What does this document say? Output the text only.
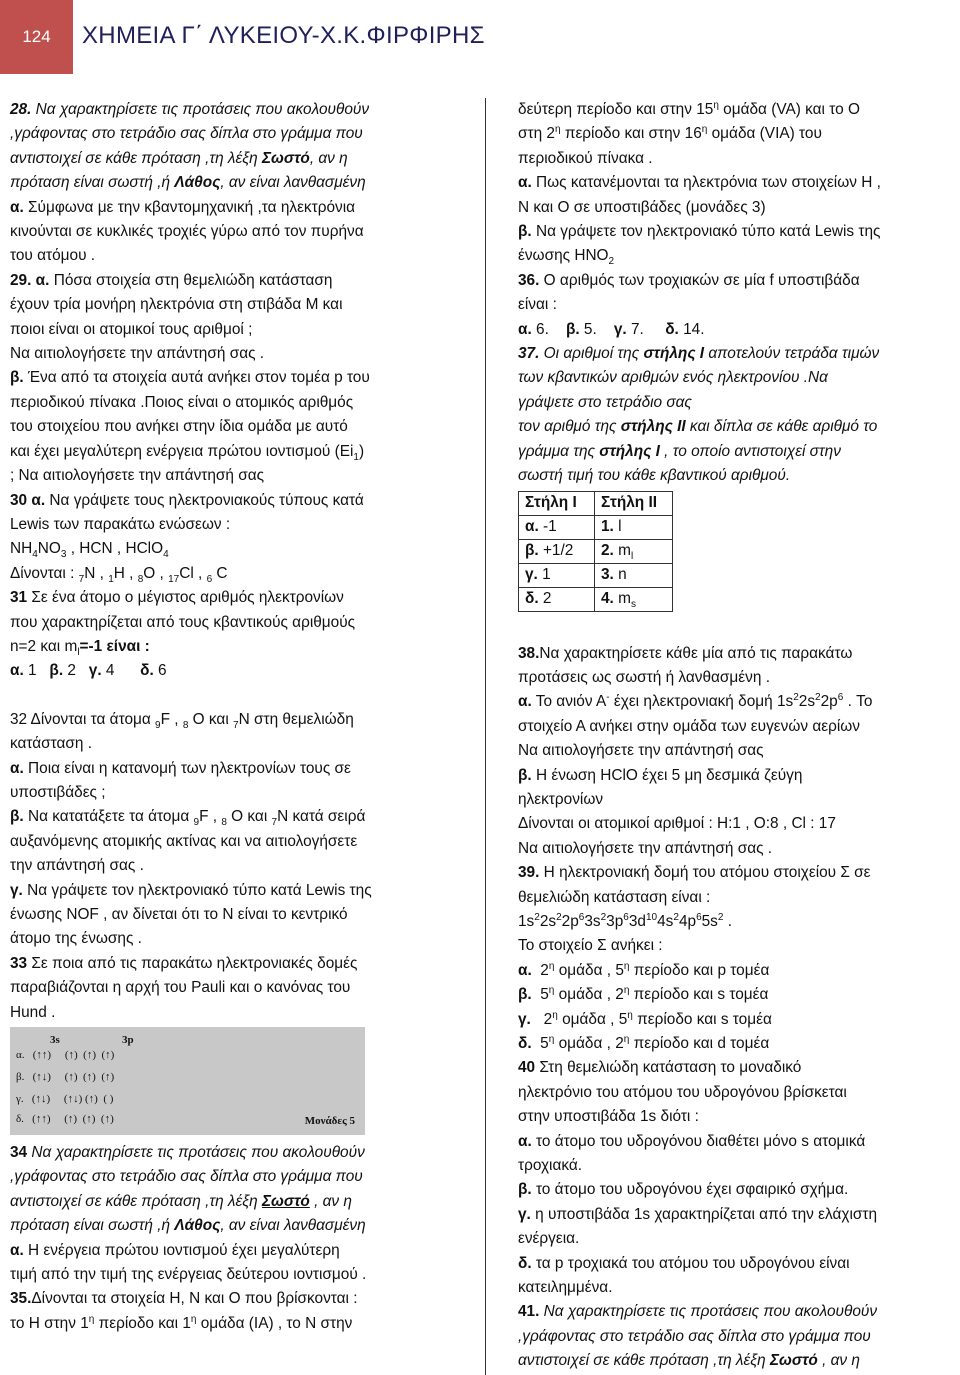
124	ΧΗΜΕΙΑ Γ΄ ΛΥΚΕΙΟΥ-Χ.Κ.ΦΙΡΦΙΡΗΣ
28. Να χαρακτηρίσετε τις προτάσεις που ακολουθούν
,γράφοντας στο τετράδιο σας δίπλα στο γράμμα που
αντιστοιχεί σε κάθε πρόταση ,τη λέξη Σωστό, αν η
πρόταση είναι σωστή ,ή Λάθος, αν είναι λανθασμένη
α. Σύμφωνα με την κβαντομηχανική ,τα ηλεκτρόνια
κινούνται σε κυκλικές τροχιές γύρω από τον πυρήνα
του ατόμου .
29. α. Πόσα στοιχεία στη θεμελιώδη κατάσταση
έχουν τρία μονήρη ηλεκτρόνια στη στιβάδα Μ και
ποιοι είναι οι ατομικοί τους αριθμοί ;
Να αιτιολογήσετε την απάντησή σας .
β. Ένα από τα στοιχεία αυτά ανήκει στον τομέα p του
περιοδικού πίνακα .Ποιος είναι ο ατομικός αριθμός
του στοιχείου που ανήκει στην ίδια ομάδα με αυτό
και έχει μεγαλύτερη ενέργεια πρώτου ιοντισμού $(Ei_1)$
; Να αιτιολογήσετε την απάντησή σας
30 α. Να γράψετε τους ηλεκτρονιακούς τύπους κατά
Lewis των παρακάτω ενώσεων :
$NH_4NO_3$ , HCN , HClO$_4$
Δίνονται : $_7$N , $_1$H , $_8$O , $_{17}$Cl , $_6$ C
31 Σε ένα άτομο ο μέγιστος αριθμός ηλεκτρονίων
που χαρακτηρίζεται από τους κβαντικούς αριθμούς
n=2 και $m_l=-1$ είναι :
α. 1   β. 2   γ. 4      δ. 6
32 Δίνονται τα άτομα $_9$F , $_8$ O και $_7$N στη θεμελιώδη
κατάσταση .
α. Ποια είναι η κατανομή των ηλεκτρονίων τους σε
υποστιβάδες ;
β. Να κατατάξετε τα άτομα $_9$F , $_8$ O και $_7$N κατά σειρά
αυξανόμενης ατομικής ακτίνας και να αιτιολογήσετε
την απάντησή σας .
γ. Να γράψετε τον ηλεκτρονιακό τύπο κατά Lewis της
ένωσης NOF , αν δίνεται ότι το N είναι το κεντρικό
άτομο της ένωσης .
33 Σε ποια από τις παρακάτω ηλεκτρονιακές δομές
παραβιάζονται η αρχή του Pauli και ο κανόνας του
Hund .
3s	3p
α.   (↑↑)     (↑)  (↑)  (↑)
β.   (↑↓)     (↑)  (↑)  (↑)
γ.   (↑↓)     (↑↓) (↑)  ( )
δ.   (↑↑)     (↑)  (↑)  (↑)	Μονάδες 5
34 Να χαρακτηρίσετε τις προτάσεις που ακολουθούν
,γράφοντας στο τετράδιο σας δίπλα στο γράμμα που
αντιστοιχεί σε κάθε πρόταση ,τη λέξη Σωστό , αν η
πρόταση είναι σωστή ,ή Λάθος, αν είναι λανθασμένη
α. Η ενέργεια πρώτου ιοντισμού έχει μεγαλύτερη
τιμή από την τιμή της ενέργειας δεύτερου ιοντισμού .
35.Δίνονται τα στοιχεία H, N και O που βρίσκονται :
το H στην $1^\eta$ περίοδο και $1^\eta$ ομάδα (IA) , το N στην
δεύτερη περίοδο και στην $15^\eta$ ομάδα (VA) και το O
στη $2^\eta$ περίοδο και στην $16^\eta$ ομάδα (VIA) του
περιοδικού πίνακα .
α. Πως κατανέμονται τα ηλεκτρόνια των στοιχείων H ,
N και O σε υποστιβάδες (μονάδες 3)
β. Να γράψετε τον ηλεκτρονιακό τύπο κατά Lewis της
ένωσης $HNO_2$
36. Ο αριθμός των τροχιακών σε μία f υποστιβάδα
είναι :
α. 6.    β. 5.    γ. 7.     δ. 14.
37. Οι αριθμοί της στήλης Ι αποτελούν τετράδα τιμών
των κβαντικών αριθμών ενός ηλεκτρονίου .Να
γράψετε στο τετράδιο σας
τον αριθμό της στήλης ΙΙ και δίπλα σε κάθε αριθμό το
γράμμα της στήλης Ι , το οποίο αντιστοιχεί στην
σωστή τιμή του κάθε κβαντικού αριθμού.
Στήλη Ι	Στήλη ΙΙ
α. -1	1. l
β. +1/2	2. $m_l$
γ. 1	3. n
δ. 2	4. $m_s$
38.Να χαρακτηρίσετε κάθε μία από τις παρακάτω
προτάσεις ως σωστή ή λανθασμένη .
α. Το ανιόν Α- έχει ηλεκτρονιακή δομή $1s^22s^22p^6$ . Το
στοιχείο Α ανήκει στην ομάδα των ευγενών αερίων
Να αιτιολογήσετε την απάντησή σας
β. Η ένωση HClO έχει 5 μη δεσμικά ζεύγη
ηλεκτρονίων
Δίνονται οι ατομικοί αριθμοί : Η:1 , Ο:8 , Cl : 17
Να αιτιολογήσετε την απάντησή σας .
39. Η ηλεκτρονιακή δομή του ατόμου στοιχείου Σ σε
θεμελιώδη κατάσταση είναι :
$1s^22s^22p^63s^23p^63d^{10}4s^24p^65s^2$ .
Το στοιχείο Σ ανήκει :
α.  $2^\eta$ ομάδα , $5^\eta$ περίοδο και p τομέα
β.  $5^\eta$ ομάδα , $2^\eta$ περίοδο και s τομέα
γ.   $2^\eta$ ομάδα , $5^\eta$ περίοδο και s τομέα
δ.  $5^\eta$ ομάδα , $2^\eta$ περίοδο και d τομέα
40 Στη θεμελιώδη κατάσταση το μοναδικό
ηλεκτρόνιο του ατόμου του υδρογόνου βρίσκεται
στην υποστιβάδα 1s διότι :
α. το άτομο του υδρογόνου διαθέτει μόνο s ατομικά
τροχιακά.
β. το άτομο του υδρογόνου έχει σφαιρικό σχήμα.
γ. η υποστιβάδα 1s χαρακτηρίζεται από την ελάχιστη
ενέργεια.
δ. τα p τροχιακά του ατόμου του υδρογόνου είναι
κατειλημμένα.
41. Να χαρακτηρίσετε τις προτάσεις που ακολουθούν
,γράφοντας στο τετράδιο σας δίπλα στο γράμμα που
αντιστοιχεί σε κάθε πρόταση ,τη λέξη Σωστό , αν η
